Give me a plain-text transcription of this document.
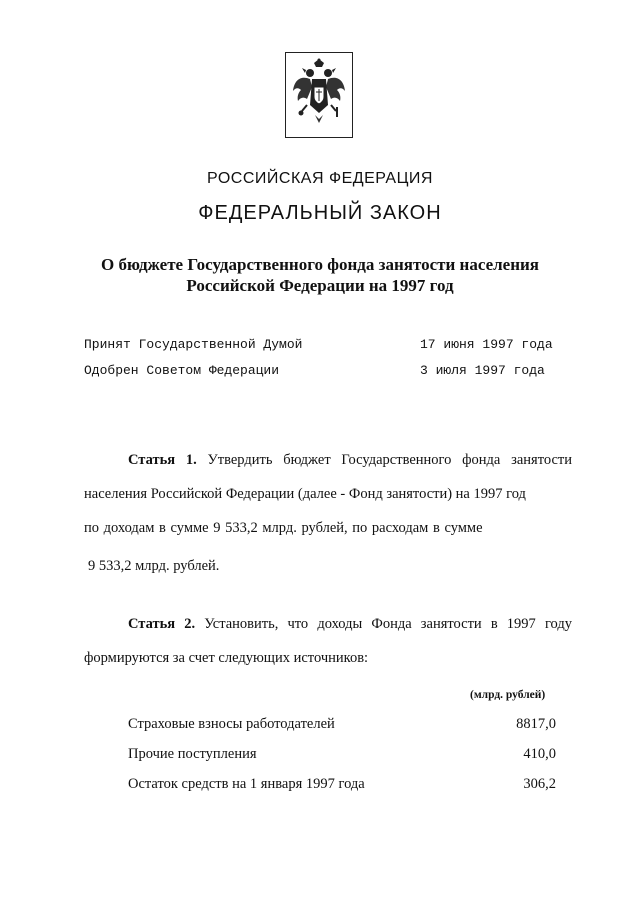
РОССИЙСКАЯ ФЕДЕРАЦИЯ
ФЕДЕРАЛЬНЫЙ ЗАКОН
О бюджете Государственного фонда занятости населения
Российской Федерации на 1997 год
Принят Государственной Думой	17 июня 1997 года
Одобрен Советом Федерации	3 июля 1997 года
Статья 1. Утвердить бюджет Государственного фонда занятости
населения Российской Федерации (далее - Фонд занятости) на 1997 год
по доходам в сумме 9 533,2 млрд. рублей, по расходам в сумме
9 533,2 млрд. рублей.
Статья 2. Установить, что доходы Фонда занятости в 1997 году
формируются за счет следующих источников:
(млрд. рублей)
Страховые взносы работодателей	8817,0
Прочие поступления	410,0
Остаток средств на 1 января 1997 года	306,2
